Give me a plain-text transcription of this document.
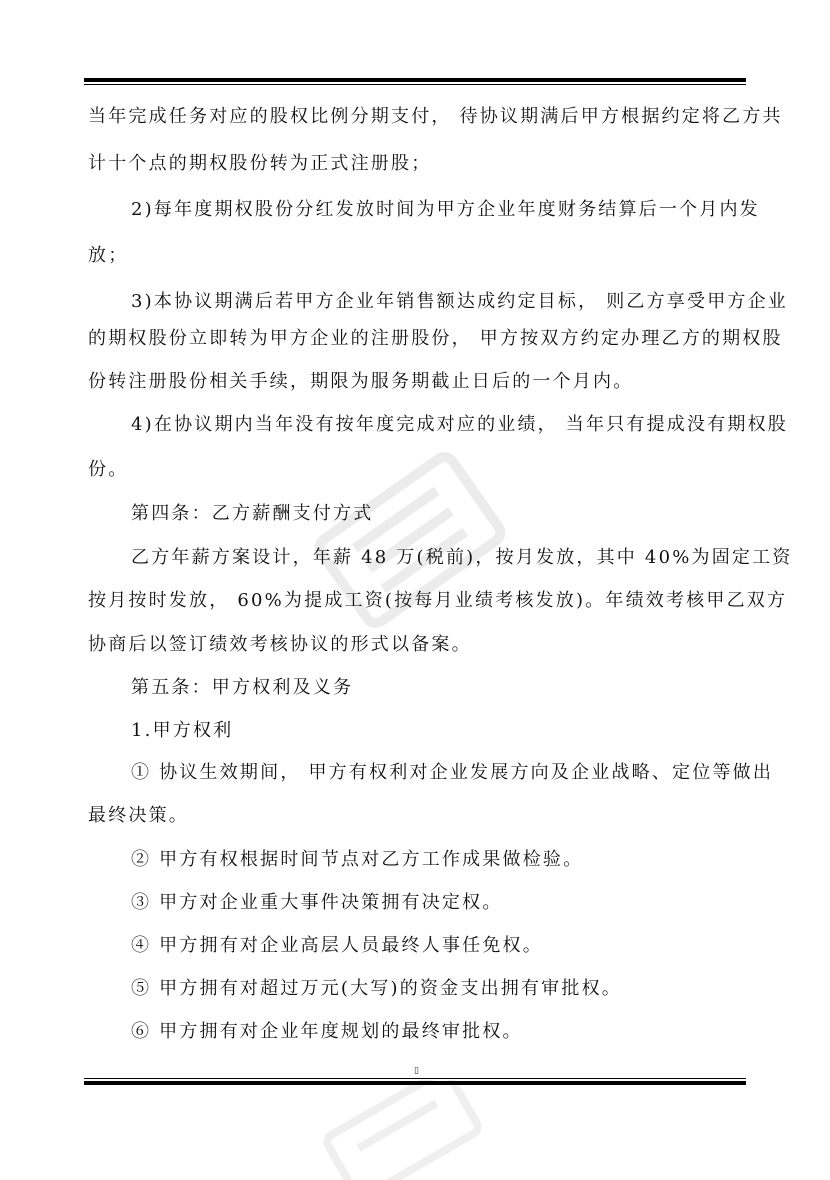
当年完成任务对应的股权比例分期支付， 待协议期满后甲方根据约定将乙方共
计十个点的期权股份转为正式注册股；
2)每年度期权股份分红发放时间为甲方企业年度财务结算后一个月内发
放；
3)本协议期满后若甲方企业年销售额达成约定目标， 则乙方享受甲方企业
的期权股份立即转为甲方企业的注册股份， 甲方按双方约定办理乙方的期权股
份转注册股份相关手续，期限为服务期截止日后的一个月内。
4)在协议期内当年没有按年度完成对应的业绩， 当年只有提成没有期权股
份。
第四条：乙方薪酬支付方式
乙方年薪方案设计，年薪 48 万(税前)，按月发放，其中 40%为固定工资
按月按时发放， 60%为提成工资(按每月业绩考核发放)。年绩效考核甲乙双方
协商后以签订绩效考核协议的形式以备案。
第五条：甲方权利及义务
1.甲方权利
① 协议生效期间， 甲方有权利对企业发展方向及企业战略、定位等做出
最终决策。
② 甲方有权根据时间节点对乙方工作成果做检验。
③ 甲方对企业重大事件决策拥有决定权。
④ 甲方拥有对企业高层人员最终人事任免权。
⑤ 甲方拥有对超过万元(大写)的资金支出拥有审批权。
⑥ 甲方拥有对企业年度规划的最终审批权。
▯
